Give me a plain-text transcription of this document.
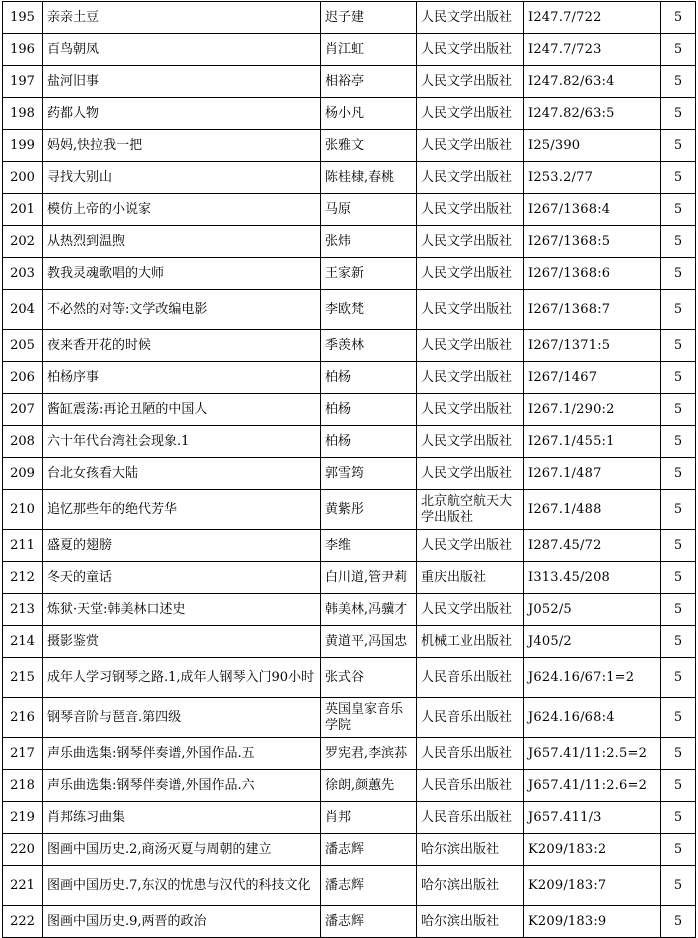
195	亲亲土豆	迟子建	人民文学出版社	I247.7/722	5
196	百鸟朝凤	肖江虹	人民文学出版社	I247.7/723	5
197	盐河旧事	相裕亭	人民文学出版社	I247.82/63:4	5
198	药都人物	杨小凡	人民文学出版社	I247.82/63:5	5
199	妈妈,快拉我一把	张雅文	人民文学出版社	I25/390	5
200	寻找大别山	陈桂棣,春桃	人民文学出版社	I253.2/77	5
201	模仿上帝的小说家	马原	人民文学出版社	I267/1368:4	5
202	从热烈到温煦	张炜	人民文学出版社	I267/1368:5	5
203	教我灵魂歌唱的大师	王家新	人民文学出版社	I267/1368:6	5
204	不必然的对等:文学改编电影	李欧梵	人民文学出版社	I267/1368:7	5
205	夜来香开花的时候	季羡林	人民文学出版社	I267/1371:5	5
206	柏杨序事	柏杨	人民文学出版社	I267/1467	5
207	酱缸震荡:再论丑陋的中国人	柏杨	人民文学出版社	I267.1/290:2	5
208	六十年代台湾社会现象.1	柏杨	人民文学出版社	I267.1/455:1	5
209	台北女孩看大陆	郭雪筠	人民文学出版社	I267.1/487	5
210	追忆那些年的绝代芳华	黄紫彤	北京航空航天大学出版社	I267.1/488	5
211	盛夏的翅膀	李维	人民文学出版社	I287.45/72	5
212	冬天的童话	白川道,管尹莉	重庆出版社	I313.45/208	5
213	炼狱·天堂:韩美林口述史	韩美林,冯骥才	人民文学出版社	J052/5	5
214	摄影鉴赏	黄道平,冯国忠	机械工业出版社	J405/2	5
215	成年人学习钢琴之路.1,成年人钢琴入门90小时	张式谷	人民音乐出版社	J624.16/67:1=2	5
216	钢琴音阶与琶音.第四级	英国皇家音乐学院	人民音乐出版社	J624.16/68:4	5
217	声乐曲选集:钢琴伴奏谱,外国作品.五	罗宪君,李滨荪	人民音乐出版社	J657.41/11:2.5=2	5
218	声乐曲选集:钢琴伴奏谱,外国作品.六	徐朗,颜蕙先	人民音乐出版社	J657.41/11:2.6=2	5
219	肖邦练习曲集	肖邦	人民音乐出版社	J657.411/3	5
220	图画中国历史.2,商汤灭夏与周朝的建立	潘志辉	哈尔滨出版社	K209/183:2	5
221	图画中国历史.7,东汉的忧患与汉代的科技文化	潘志辉	哈尔滨出版社	K209/183:7	5
222	图画中国历史.9,两晋的政治	潘志辉	哈尔滨出版社	K209/183:9	5
